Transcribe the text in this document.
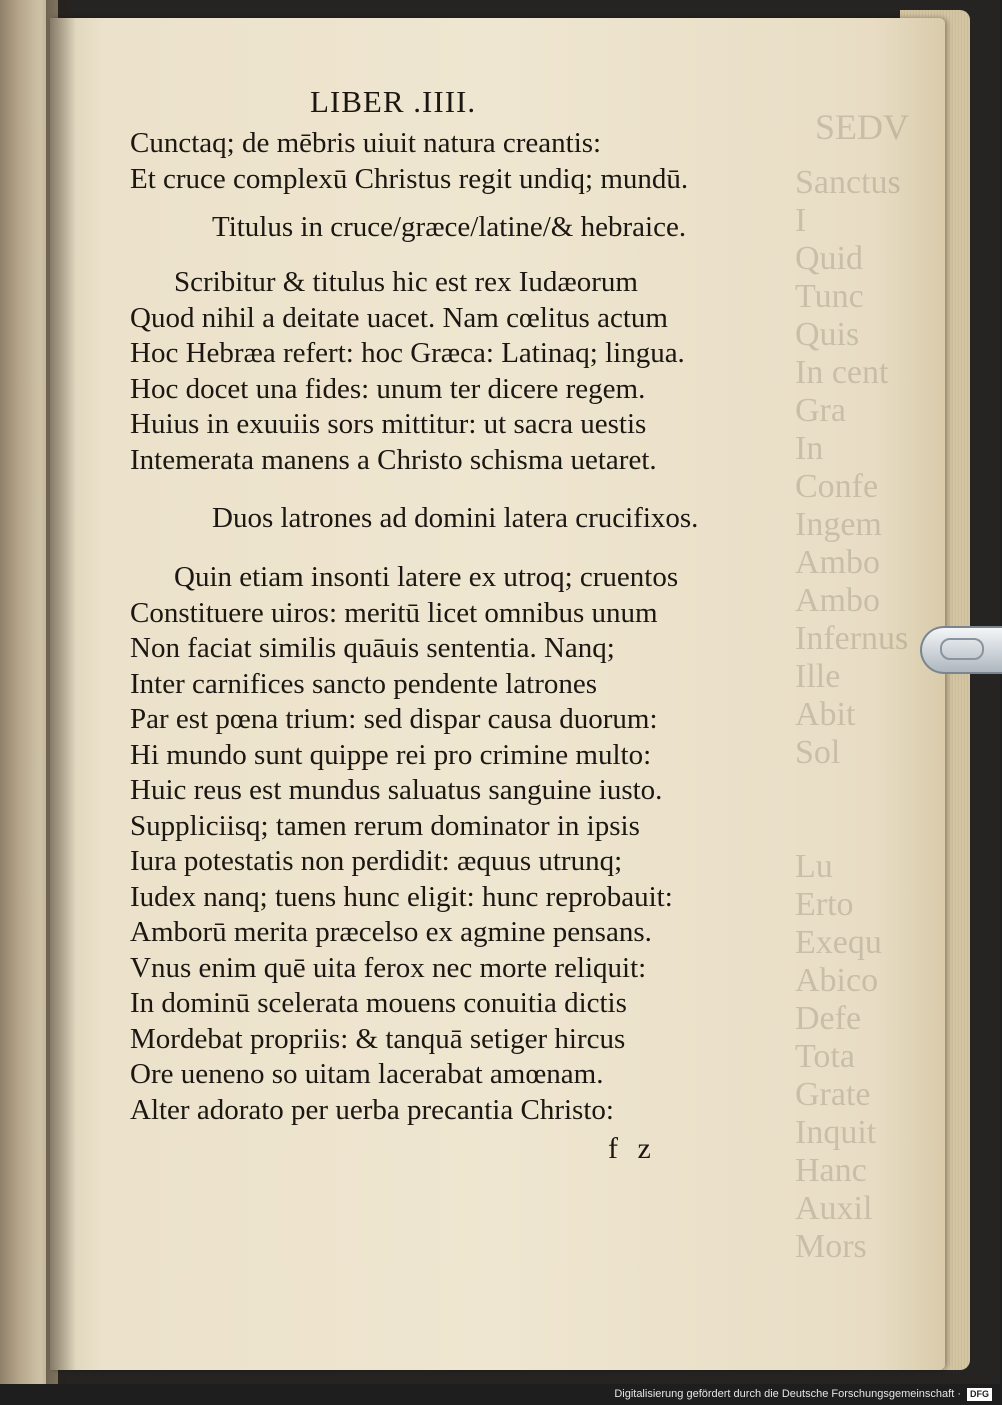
SEDV
Sanctus
I
Quid
Tunc
Quis
In cent
Gra
In
Confe
Ingem
Ambo
Ambo
Infernus
Ille
Abit
Sol

Lu
Erto
Exequ
Abico
Defe
Tota
Grate
Inquit
Hanc
Auxil
Mors
LIBER .IIII.
Cunctaq; de mēbris uiuit natura creantis:
Et cruce complexū Christus regit undiq; mundū.
Titulus in cruce/græce/latine/& hebraice.
Scribitur & titulus hic est rex Iudæorum
Quod nihil a deitate uacet. Nam cœlitus actum
Hoc Hebræa refert: hoc Græca: Latinaq; lingua.
Hoc docet una fides: unum ter dicere regem.
Huius in exuuiis sors mittitur: ut sacra uestis
Intemerata manens a Christo schisma uetaret.
Duos latrones ad domini latera crucifixos.
Quin etiam insonti latere ex utroq; cruentos
Constituere uiros: meritū licet omnibus unum
Non faciat similis quāuis sententia. Nanq;
Inter carnifices sancto pendente latrones
Par est pœna trium: sed dispar causa duorum:
Hi mundo sunt quippe rei pro crimine multo:
Huic reus est mundus saluatus sanguine iusto.
Suppliciisq; tamen rerum dominator in ipsis
Iura potestatis non perdidit: æquus utrunq;
Iudex nanq; tuens hunc eligit: hunc reprobauit:
Amborū merita præcelso ex agmine pensans.
Vnus enim quē uita ferox nec morte reliquit:
In dominū scelerata mouens conuitia dictis
Mordebat propriis: & tanquā setiger hircus
Ore ueneno so uitam lacerabat amœnam.
Alter adorato per uerba precantia Christo:
f z
Digitalisierung gefördert durch die Deutsche Forschungsgemeinschaft · DFG
